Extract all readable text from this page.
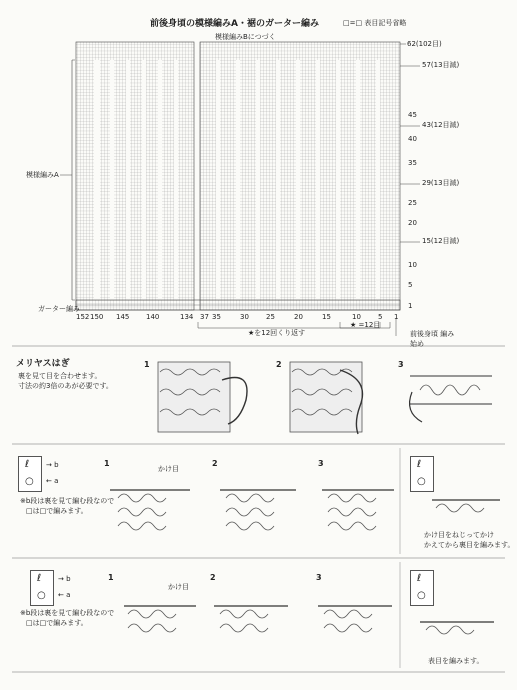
前後身頃の模様編みA・裾のガーター編み	□=□ 表目記号省略
模様編みBにつづく
模様編みA
ガーター編み
62(102目)
57(13目減)
45
43(12目減)
40
35
29(13目減)
25
20
15(12目減)
10
5
1
152 150 145 140	134 37 35	30 25	20	15	10 5 1
★を12回くり返す
★ =12目
前後身頃 編み始め
メリヤスはぎ
裏を見て目を合わせます。
寸法の約3倍のあが必要です。
1	2	3
ℓ
○
→ b
← a
※b段は裏を見て編む段なので
□は□で編みます。
1	2	3
かけ目	ℓ
○
かけ目をねじってかけ
かえてから裏目を編みます。
ℓ
○
→ b
← a
※b段は裏を見て編む段なので
□は□で編みます。
1	2	3
かけ目
ℓ
○
表目を編みます。
